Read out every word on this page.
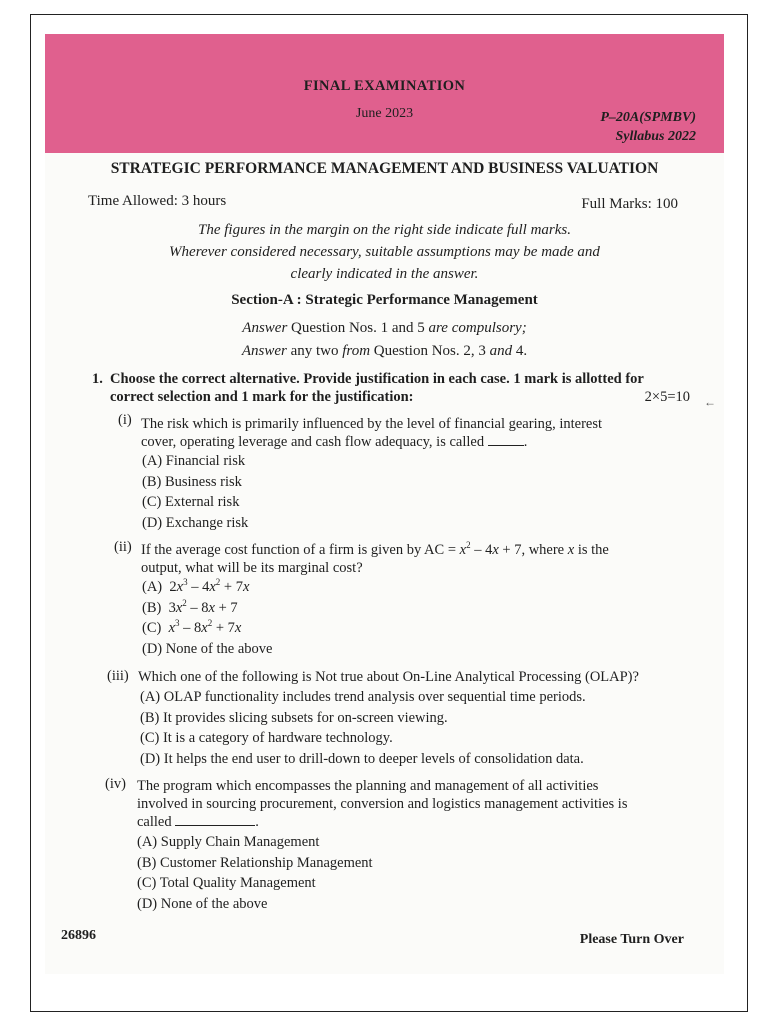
FINAL EXAMINATION
June 2023	P–20A(SPMBV)
Syllabus 2022
STRATEGIC PERFORMANCE MANAGEMENT AND BUSINESS VALUATION
Time Allowed: 3 hours	Full Marks: 100
The figures in the margin on the right side indicate full marks.
Wherever considered necessary, suitable assumptions may be made and
clearly indicated in the answer.
Section-A : Strategic Performance Management
Answer Question Nos. 1 and 5 are compulsory;
Answer any two from Question Nos. 2, 3 and 4.
1. Choose the correct alternative. Provide justification in each case. 1 mark is allotted for
correct selection and 1 mark for the justification:	2×5=10 ←
(i) The risk which is primarily influenced by the level of financial gearing, interest
cover, operating leverage and cash flow adequacy, is called	.
(A) Financial risk
(B) Business risk
(C) External risk
(D) Exchange risk
(ii) If the average cost function of a firm is given by AC = $x^2 - 4x + 7$, where x is the
output, what will be its marginal cost?
(A) $2x^3 - 4x^2 + 7x$
(B) $3x^2 - 8x + 7$
(C) $x^3 - 8x^2 + 7x$
(D) None of the above
(iii) Which one of the following is Not true about On-Line Analytical Processing (OLAP)?
(A) OLAP functionality includes trend analysis over sequential time periods.
(B) It provides slicing subsets for on-screen viewing.
(C) It is a category of hardware technology.
(D) It helps the end user to drill-down to deeper levels of consolidation data.
(iv) The program which encompasses the planning and management of all activities
involved in sourcing procurement, conversion and logistics management activities is
called	.
(A) Supply Chain Management
(B) Customer Relationship Management
(C) Total Quality Management
(D) None of the above
26896	Please Turn Over
